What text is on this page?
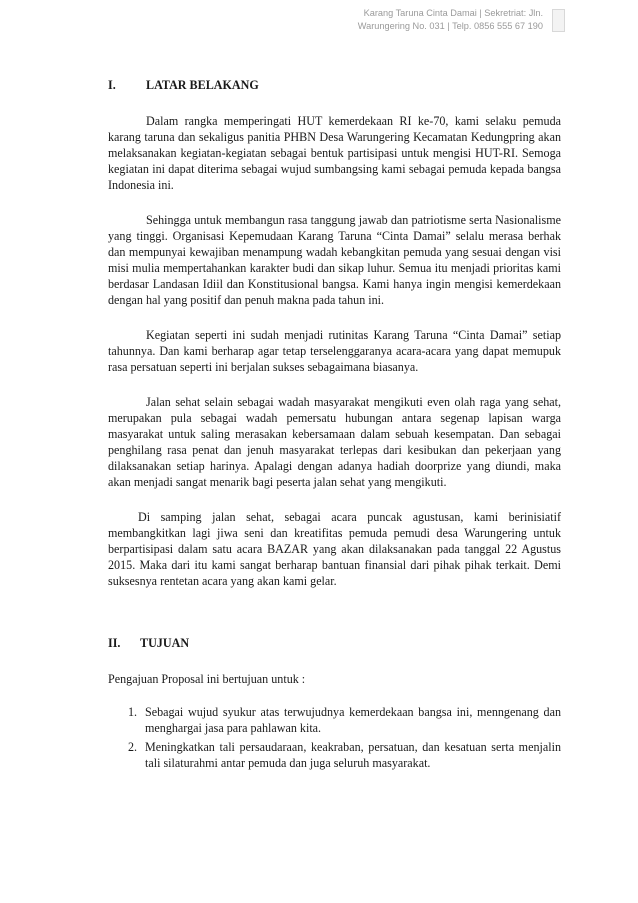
Karang Taruna Cinta Damai | Sekretriat: Jln.
Warungering No. 031 | Telp. 0856 555 67 190
I.	LATAR BELAKANG

Dalam rangka memperingati HUT kemerdekaan RI ke-70, kami selaku pemuda karang taruna dan sekaligus panitia PHBN Desa Warungering Kecamatan Kedungpring akan melaksanakan kegiatan-kegiatan sebagai bentuk partisipasi untuk mengisi HUT-RI. Semoga kegiatan ini dapat diterima sebagai wujud sumbangsing kami sebagai pemuda kepada bangsa Indonesia ini.

Sehingga untuk membangun rasa tanggung jawab dan patriotisme serta Nasionalisme yang tinggi. Organisasi Kepemudaan Karang Taruna “Cinta Damai” selalu merasa berhak dan mempunyai kewajiban menampung wadah kebangkitan pemuda yang sesuai dengan visi misi mulia mempertahankan karakter budi dan sikap luhur. Semua itu menjadi prioritas kami berdasar Landasan Idiil dan Konstitusional bangsa. Kami hanya ingin mengisi kemerdekaan dengan hal yang positif dan penuh makna pada tahun ini.

Kegiatan seperti ini sudah menjadi rutinitas Karang Taruna “Cinta Damai” setiap tahunnya. Dan kami berharap agar tetap terselenggaranya acara-acara yang dapat memupuk rasa persatuan seperti ini berjalan sukses sebagaimana biasanya.

Jalan sehat selain sebagai wadah masyarakat mengikuti even olah raga yang sehat, merupakan pula sebagai wadah pemersatu hubungan antara segenap lapisan warga masyarakat untuk saling merasakan kebersamaan dalam sebuah kesempatan. Dan sebagai penghilang rasa penat dan jenuh masyarakat terlepas dari kesibukan dan pekerjaan yang dilaksanakan setiap harinya. Apalagi dengan adanya hadiah doorprize yang diundi, maka akan menjadi sangat menarik bagi peserta jalan sehat yang mengikuti.

Di samping jalan sehat, sebagai acara puncak agustusan, kami berinisiatif membangkitkan lagi jiwa seni dan kreatifitas pemuda pemudi desa Warungering untuk berpartisipasi dalam satu acara BAZAR yang akan dilaksanakan pada tanggal 22 Agustus 2015. Maka dari itu kami sangat berharap bantuan finansial dari pihak pihak terkait. Demi suksesnya rentetan acara yang akan kami gelar.

II.	TUJUAN

Pengajuan Proposal ini bertujuan untuk :

1. Sebagai wujud syukur atas terwujudnya kemerdekaan bangsa ini, menngenang dan menghargai jasa para pahlawan kita.
2. Meningkatkan tali persaudaraan, keakraban, persatuan, dan kesatuan serta menjalin tali silaturahmi antar pemuda dan juga seluruh masyarakat.
